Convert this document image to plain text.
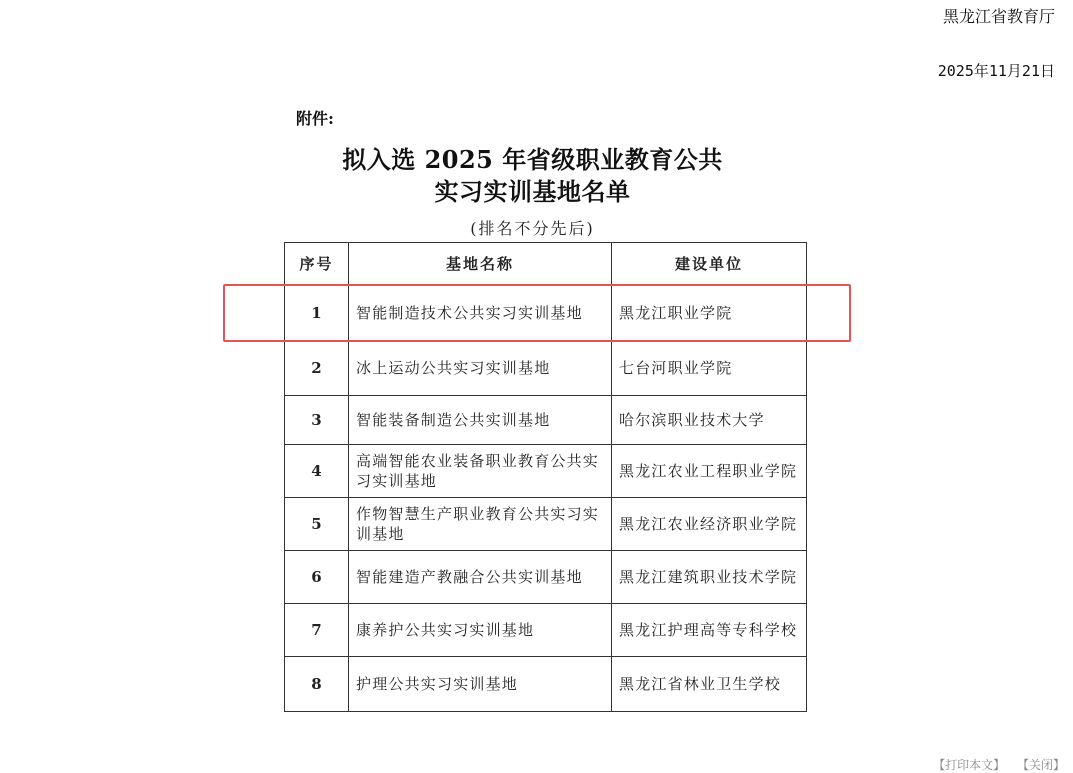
黑龙江省教育厅
2025年11月21日
附件:
拟入选 2025 年省级职业教育公共
实习实训基地名单
(排名不分先后)
序号	基地名称	建设单位
1	智能制造技术公共实习实训基地	黑龙江职业学院
2	冰上运动公共实习实训基地	七台河职业学院
3	智能装备制造公共实训基地	哈尔滨职业技术大学
4	高端智能农业装备职业教育公共实习实训基地	黑龙江农业工程职业学院
5	作物智慧生产职业教育公共实习实训基地	黑龙江农业经济职业学院
6	智能建造产教融合公共实训基地	黑龙江建筑职业技术学院
7	康养护公共实习实训基地	黑龙江护理高等专科学校
8	护理公共实习实训基地	黑龙江省林业卫生学校
【打印本文】 【关闭】
